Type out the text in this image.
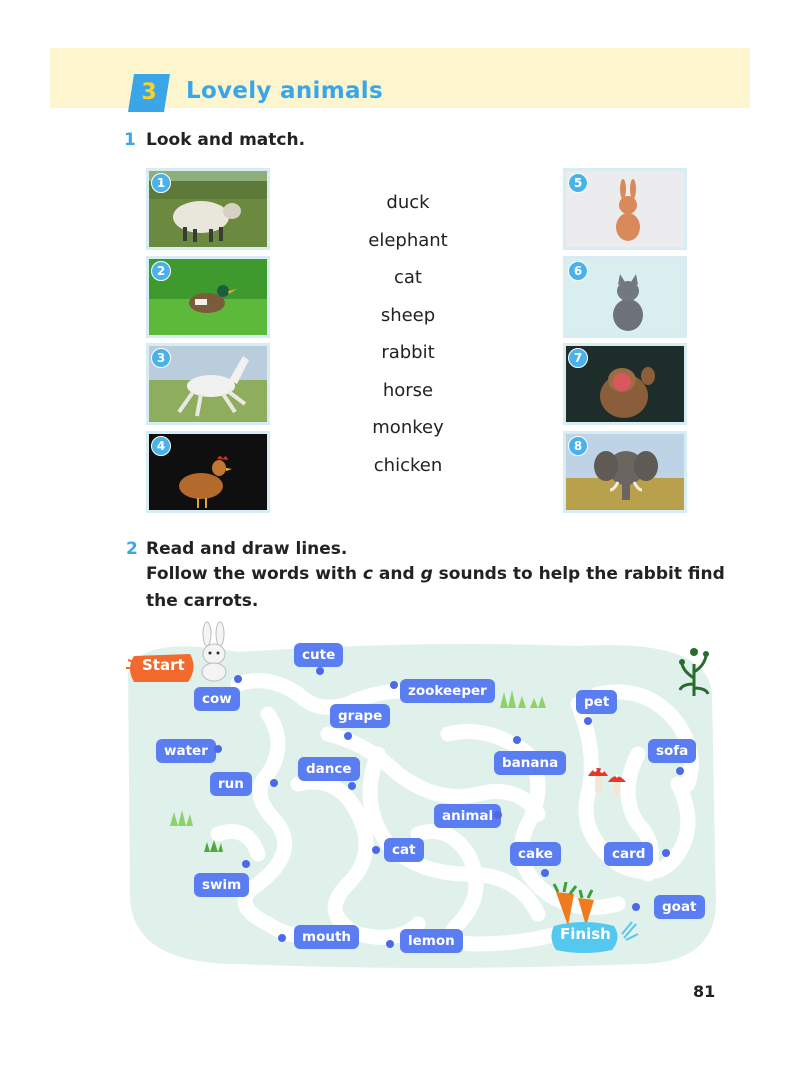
3	Lovely animals
1 Look and match.
1
2
3
4
duck
elephant
cat
sheep
rabbit
horse
monkey
chicken
5
6
7
8
2 Read and draw lines.
Follow the words with c and g sounds to help the rabbit find
the carrots.
Start
Finish
cute
cow	zookeeper
grape
pet
water
banana
sofa
run
dance
animal
cat	cake	card
swim
goat
mouth	lemon
81
